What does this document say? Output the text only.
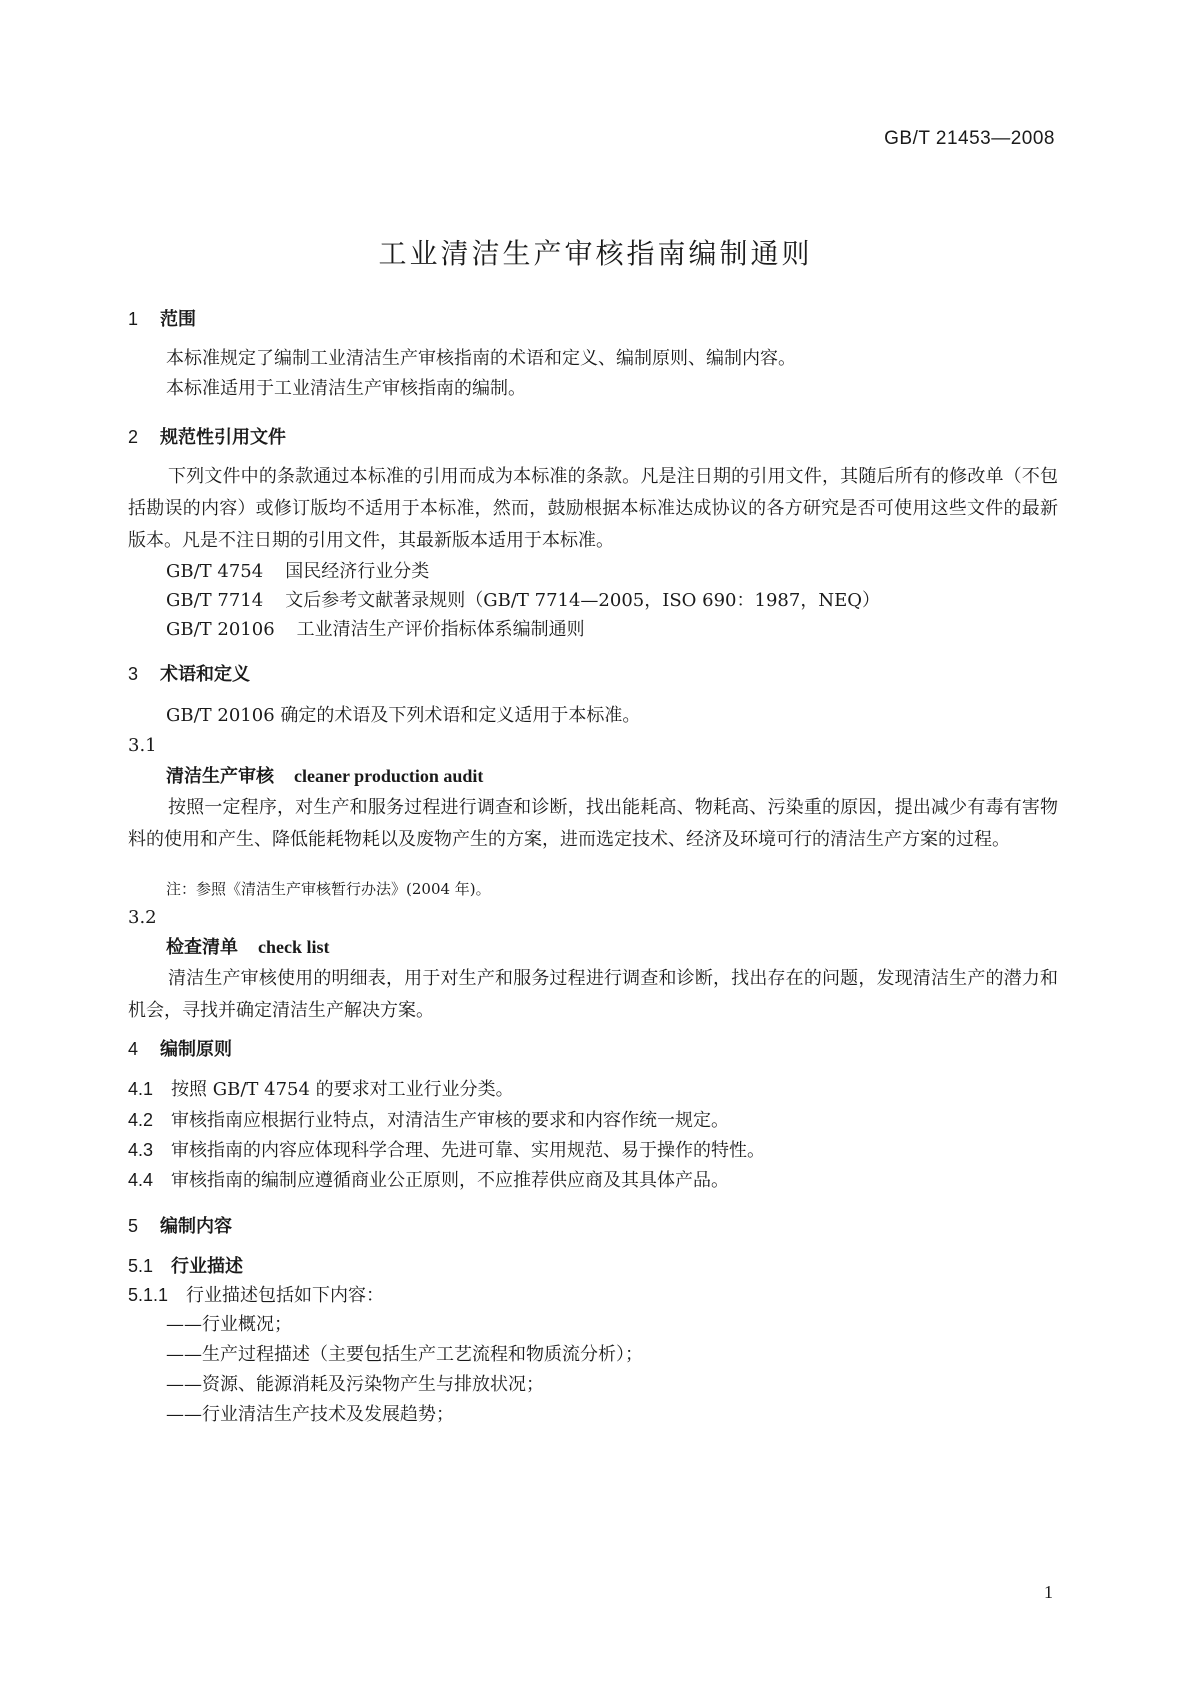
GB/T 21453—2008
工业清洁生产审核指南编制通则
1 范围
本标准规定了编制工业清洁生产审核指南的术语和定义、编制原则、编制内容。
本标准适用于工业清洁生产审核指南的编制。
2 规范性引用文件
下列文件中的条款通过本标准的引用而成为本标准的条款。凡是注日期的引用文件，其随后所有的修改单（不包括勘误的内容）或修订版均不适用于本标准，然而，鼓励根据本标准达成协议的各方研究是否可使用这些文件的最新版本。凡是不注日期的引用文件，其最新版本适用于本标准。
GB/T 4754 国民经济行业分类
GB/T 7714 文后参考文献著录规则（GB/T 7714—2005，ISO 690：1987，NEQ）
GB/T 20106 工业清洁生产评价指标体系编制通则
3 术语和定义
GB/T 20106 确定的术语及下列术语和定义适用于本标准。
3.1
清洁生产审核 cleaner production audit
按照一定程序，对生产和服务过程进行调查和诊断，找出能耗高、物耗高、污染重的原因，提出减少有毒有害物料的使用和产生、降低能耗物耗以及废物产生的方案，进而选定技术、经济及环境可行的清洁生产方案的过程。
注：参照《清洁生产审核暂行办法》(2004 年)。
3.2
检查清单 check list
清洁生产审核使用的明细表，用于对生产和服务过程进行调查和诊断，找出存在的问题，发现清洁生产的潜力和机会，寻找并确定清洁生产解决方案。
4 编制原则
4.1 按照 GB/T 4754 的要求对工业行业分类。
4.2 审核指南应根据行业特点，对清洁生产审核的要求和内容作统一规定。
4.3 审核指南的内容应体现科学合理、先进可靠、实用规范、易于操作的特性。
4.4 审核指南的编制应遵循商业公正原则，不应推荐供应商及其具体产品。
5 编制内容
5.1 行业描述
5.1.1 行业描述包括如下内容：
——行业概况；
——生产过程描述（主要包括生产工艺流程和物质流分析）；
——资源、能源消耗及污染物产生与排放状况；
——行业清洁生产技术及发展趋势；
1
